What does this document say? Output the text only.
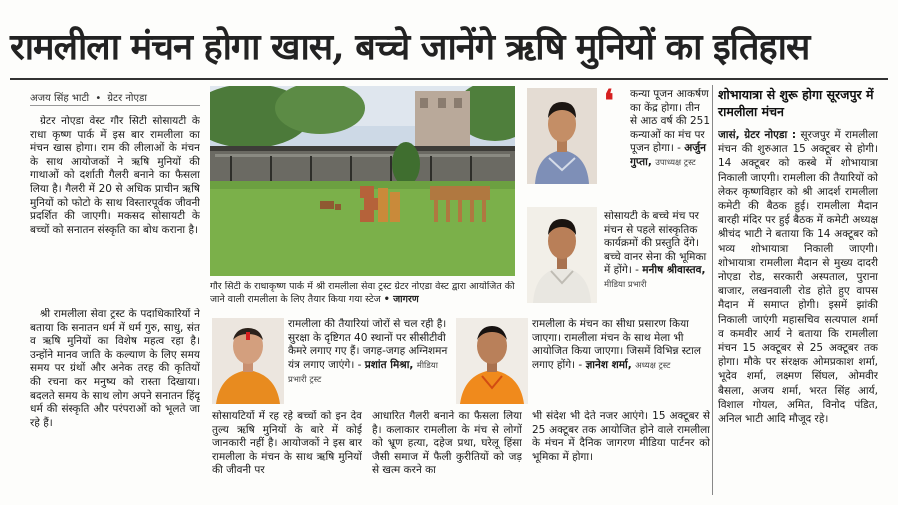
रामलीला मंचन होगा खास, बच्चे जानेंगे ऋषि मुनियों का इतिहास
अजय सिंह भाटी • ग्रेटर नोएडा

ग्रेटर नोएडा वेस्ट गौर सिटी सोसायटी के राधा कृष्ण पार्क में इस बार रामलीला का मंचन खास होगा। राम की लीलाओं के मंचन के साथ आयोजकों ने ऋषि मुनियों की गाथाओं को दर्शाती गैलरी बनाने का फैसला लिया है। गैलरी में 20 से अधिक प्राचीन ऋषि मुनियों को फोटो के साथ विस्तारपूर्वक जीवनी प्रदर्शित की जाएगी। मकसद सोसायटी के बच्चों को सनातन संस्कृति का बोध कराना है।

श्री रामलीला सेवा ट्रस्ट के पदाधिकारियों ने बताया कि सनातन धर्म में धर्म गुरु, साधु, संत व ऋषि मुनियों का विशेष महत्व रहा है। उन्होंने मानव जाति के कल्याण के लिए समय समय पर ग्रंथों और अनेक तरह की कृतियों की रचना कर मनुष्य को रास्ता दिखाया। बदलते समय के साथ लोग अपने सनातन हिंदू धर्म की संस्कृति और परंपराओं को भूलते जा रहे हैं।

गौर सिटी के राधाकृष्ण पार्क में श्री रामलीला सेवा ट्रस्ट ग्रेटर नोएडा वेस्ट द्वारा आयोजित की जाने वाली रामलीला के लिए तैयार किया गया स्टेज • जागरण
❛ कन्या पूजन आकर्षण का केंद्र होगा। तीन से आठ वर्ष की 251 कन्याओं का मंच पर पूजन होगा। - अर्जुन गुप्ता, उपाध्यक्ष ट्रस्ट
सोसायटी के बच्चे मंच पर मंचन से पहले सांस्कृतिक कार्यक्रमों की प्रस्तुति देंगे। बच्चे वानर सेना की भूमिका में होंगे। - मनीष श्रीवास्तव, मीडिया प्रभारी
रामलीला की तैयारियां जोरों से चल रही है। सुरक्षा के दृष्टिगत 40 स्थानों पर सीसीटीवी कैमरे लगाए गए हैं। जगह-जगह अग्निशमन यंत्र लगाए जाएंगे। - प्रशांत मिश्रा, मीडिया प्रभारी ट्रस्ट
रामलीला के मंचन का सीधा प्रसारण किया जाएगा। रामलीला मंचन के साथ मेला भी आयोजित किया जाएगा। जिसमें विभिन्न स्टाल लगाए होंगे। - ज्ञानेश शर्मा, अध्यक्ष ट्रस्ट

सोसायटियों में रह रहे बच्चों को इन देव तुल्य ऋषि मुनियों के बारे में कोई जानकारी नहीं है। आयोजकों ने इस बार रामलीला के मंचन के साथ ऋषि मुनियों की जीवनी पर

आधारित गैलरी बनाने का फैसला लिया है। कलाकार रामलीला के मंच से लोगों को भ्रूण हत्या, दहेज प्रथा, घरेलू हिंसा जैसी समाज में फैली कुरीतियों को जड़ से खत्म करने का

भी संदेश भी देते नजर आएंगे। 15 अक्टूबर से 25 अक्टूबर तक आयोजित होने वाले रामलीला के मंचन में दैनिक जागरण मीडिया पार्टनर को भूमिका में होगा।

शोभायात्रा से शुरू होगा सूरजपुर में रामलीला मंचन
जासं, ग्रेटर नोएडा : सूरजपुर में रामलीला मंचन की शुरुआत 15 अक्टूबर से होगी। 14 अक्टूबर को कस्बे में शोभायात्रा निकाली जाएगी। रामलीला की तैयारियों को लेकर कृष्णविहार को श्री आदर्श रामलीला कमेटी की बैठक हुई। रामलीला मैदान बारही मंदिर पर हुई बैठक में कमेटी अध्यक्ष श्रीचंद भाटी ने बताया कि 14 अक्टूबर को भव्य शोभायात्रा निकाली जाएगी। शोभायात्रा रामलीला मैदान से मुख्य दादरी नोएडा रोड, सरकारी अस्पताल, पुराना बाजार, लखनवाली रोड होते हुए वापस मैदान में समाप्त होगी। इसमें झांकी निकाली जाएंगी महासचिव सत्यपाल शर्मा व कमवीर आर्य ने बताया कि रामलीला मंचन 15 अक्टूबर से 25 अक्टूबर तक होगा। मौके पर संरक्षक ओमप्रकाश शर्मा, भूदेव शर्मा, लक्ष्मण सिंघल, ओमवीर बैसला, अजय शर्मा, भरत सिंह आर्य, विशाल गोयल, अमित, विनोद पंडित, अनिल भाटी आदि मौजूद रहे।
